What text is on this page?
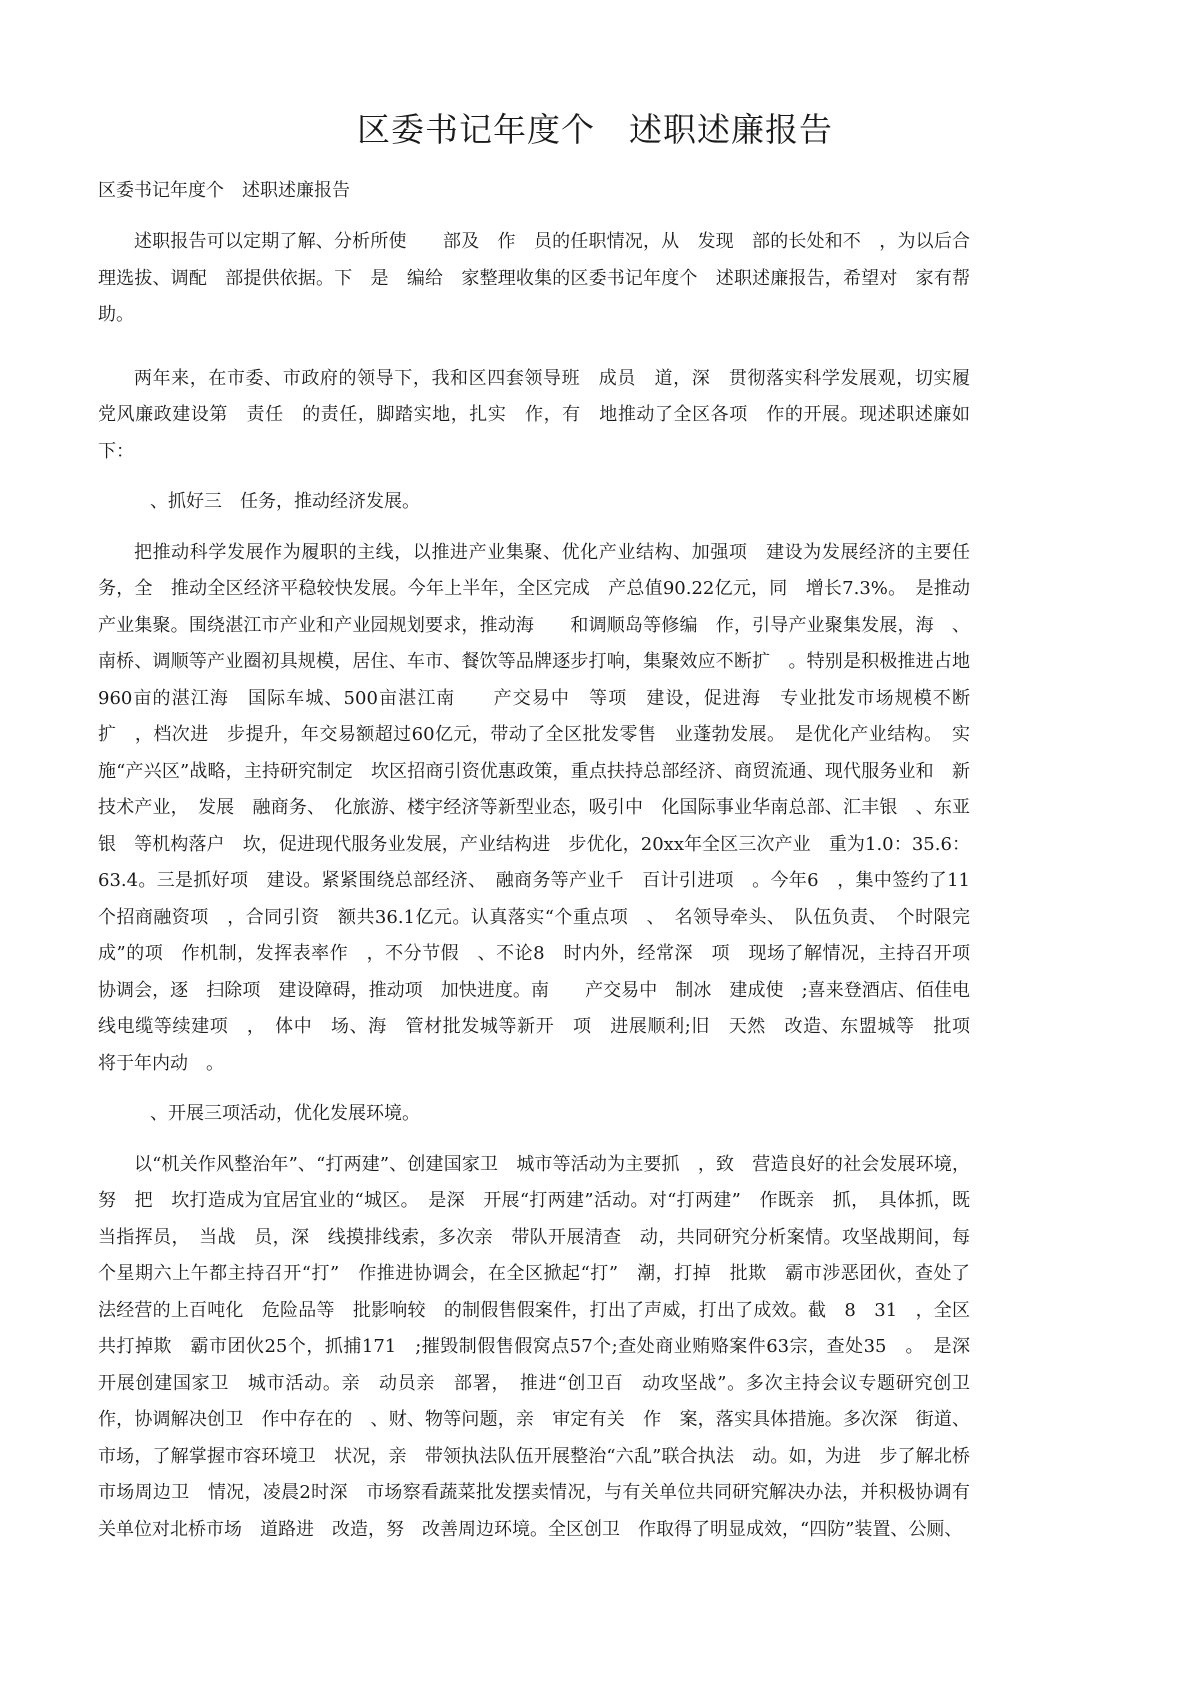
区委书记年度个　述职述廉报告

区委书记年度个　述职述廉报告

述职报告可以定期了解、分析所使　　部及　作　员的任职情况，从　发现　部的长处和不　，为以后合理选拔、调配　部提供依据。下　是　编给　家整理收集的区委书记年度个　述职述廉报告，希望对　家有帮助。

两年来，在市委、市政府的领导下，我和区四套领导班　成员　道，深　贯彻落实科学发展观，切实履　党风廉政建设第　责任　的责任，脚踏实地，扎实　作，有　地推动了全区各项　作的开展。现述职述廉如下：

、抓好三　任务，推动经济发展。

把推动科学发展作为履职的主线，以推进产业集聚、优化产业结构、加强项　建设为发展经济的主要任务，全　推动全区经济平稳较快发展。今年上半年，全区完成　产总值90.22亿元，同　增长7.3%。　是推动产业集聚。围绕湛江市产业和产业园规划要求，推动海　　和调顺岛等修编　作，引导产业聚集发展，海　、南桥、调顺等产业圈初具规模，居住、车市、餐饮等品牌逐步打响，集聚效应不断扩　。特别是积极推进占地960亩的湛江海　国际车城、500亩湛江南　　产交易中　等项　建设，促进海　专业批发市场规模不断扩　，档次进　步提升，年交易额超过60亿元，带动了全区批发零售　业蓬勃发展。　是优化产业结构。　实施“产兴区”战略，主持研究制定　坎区招商引资优惠政策，重点扶持总部经济、商贸流通、现代服务业和　新技术产业，　发展　融商务、　化旅游、楼宇经济等新型业态，吸引中　化国际事业华南总部、汇丰银　、东亚银　等机构落户　坎，促进现代服务业发展，产业结构进　步优化，20xx年全区三次产业　重为1.0：35.6：63.4。三是抓好项　建设。紧紧围绕总部经济、　融商务等产业千　百计引进项　。今年6　，集中签约了11个招商融资项　，合同引资　额共36.1亿元。认真落实“个重点项　、　名领导牵头、　队伍负责、　个时限完成”的项　作机制，发挥表率作　，不分节假　、不论8　时内外，经常深　项　现场了解情况，主持召开项　协调会，逐　扫除项　建设障碍，推动项　加快进度。南　　产交易中　制冰　建成使　;喜来登酒店、佰佳电线电缆等续建项　，　体中　场、海　管材批发城等新开　项　进展顺利;旧　天然　改造、东盟城等　批项　将于年内动　。

、开展三项活动，优化发展环境。

以“机关作风整治年”、“打两建”、创建国家卫　城市等活动为主要抓　，致　营造良好的社会发展环境，努　把　坎打造成为宜居宜业的“城区。　是深　开展“打两建”活动。对“打两建”　作既亲　抓，　具体抓，既当指挥员，　当战　员，深　线摸排线索，多次亲　带队开展清查　动，共同研究分析案情。攻坚战期间，每个星期六上午都主持召开“打”　作推进协调会，在全区掀起“打”　潮，打掉　批欺　霸市涉恶团伙，查处了　法经营的上百吨化　危险品等　批影响较　的制假售假案件，打出了声威，打出了成效。截　8　31　，全区共打掉欺　霸市团伙25个，抓捕171　;摧毁制假售假窝点57个;查处商业贿赂案件63宗，查处35　。　是深　开展创建国家卫　城市活动。亲　动员亲　部署，　推进“创卫百　动攻坚战”。多次主持会议专题研究创卫　作，协调解决创卫　作中存在的　、财、物等问题，亲　审定有关　作　案，落实具体措施。多次深　街道、市场，了解掌握市容环境卫　状况，亲　带领执法队伍开展整治“六乱”联合执法　动。如，为进　步了解北桥市场周边卫　情况，凌晨2时深　市场察看蔬菜批发摆卖情况，与有关单位共同研究解决办法，并积极协调有关单位对北桥市场　道路进　改造，努　改善周边环境。全区创卫　作取得了明显成效，“四防”装置、公厕、
